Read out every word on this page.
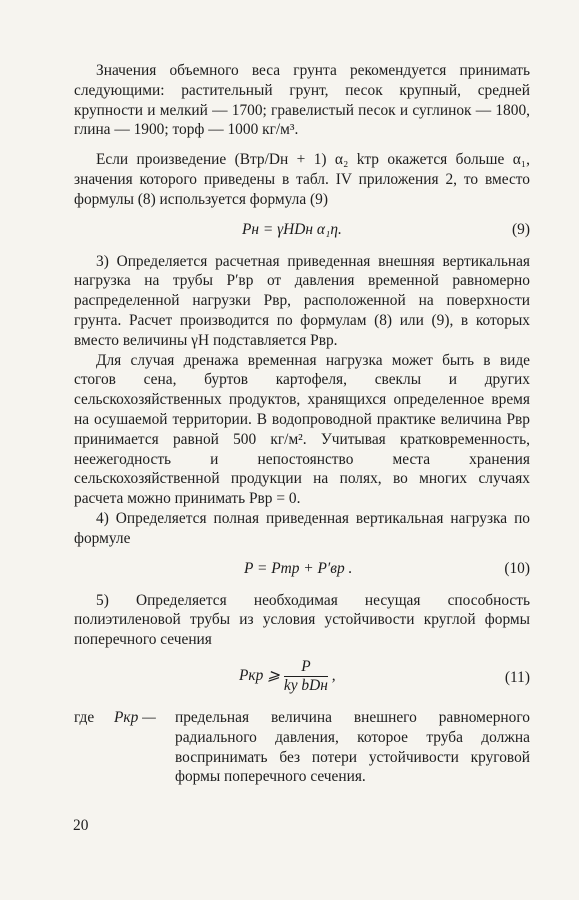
Значения объемного веса грунта рекомендуется принимать следующими: растительный грунт, песок крупный, средней крупности и мелкий — 1700; гравелистый песок и суглинок — 1800, глина — 1900; торф — 1000 кг/м³.

Если произведение (Bтр/Dн + 1) α₂ kтр окажется больше α₁, значения которого приведены в табл. IV приложения 2, то вместо формулы (8) используется формула (9)

Pн = γHDн α₁η.	(9)

3) Определяется расчетная приведенная внешняя вертикальная нагрузка на трубы P′вр от давления временной равномерно распределенной нагрузки Pвр, расположенной на поверхности грунта. Расчет производится по формулам (8) или (9), в которых вместо величины γH подставляется Pвр.

Для случая дренажа временная нагрузка может быть в виде стогов сена, буртов картофеля, свеклы и других сельскохозяйственных продуктов, хранящихся определенное время на осушаемой территории. В водопроводной практике величина Pвр принимается равной 500 кг/м². Учитывая кратковременность, неежегодность и непостоянство места хранения сельскохозяйственной продукции на полях, во многих случаях расчета можно принимать Pвр = 0.

4) Определяется полная приведенная вертикальная нагрузка по формуле

P = Pтр + P′вр .	(10)

5) Определяется необходимая несущая способность полиэтиленовой трубы из условия устойчивости круглой формы поперечного сечения

Pкр ⩾ $\frac{P}{\text{kу bDн}}$ ,	(11)
где Pкр — предельная величина внешнего равномерного радиального давления, которое труба должна воспринимать без потери устойчивости круговой формы поперечного сечения.
20
